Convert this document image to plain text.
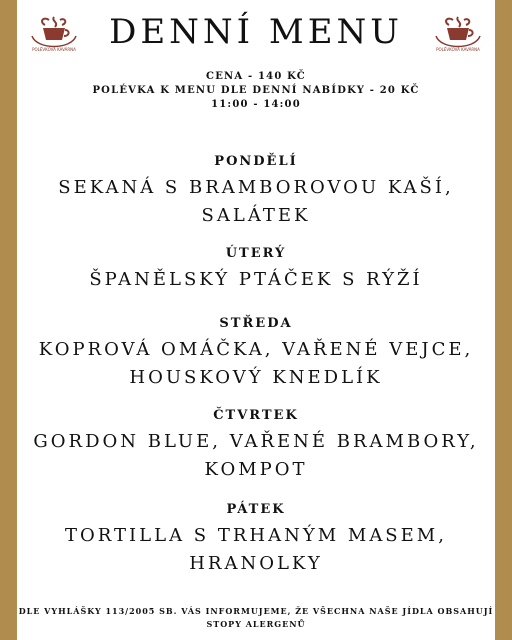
POLÉVKOVÁ KAVÁRNA DENNÍ MENU	POLÉVKOVÁ KAVÁRNA
CENA - 140 KČ
POLÉVKA K MENU DLE DENNÍ NABÍDKY - 20 KČ
11:00 - 14:00
PONDĚLÍ
SEKANÁ S BRAMBOROVOU KAŠÍ,
SALÁTEK
ÚTERÝ
ŠPANĚLSKÝ PTÁČEK S RÝŽÍ
STŘEDA
KOPROVÁ OMÁČKA, VAŘENÉ VEJCE,
HOUSKOVÝ KNEDLÍK
ČTVRTEK
GORDON BLUE, VAŘENÉ BRAMBORY,
KOMPOT
PÁTEK
TORTILLA S TRHANÝM MASEM,
HRANOLKY
DLE VYHLÁŠKY 113/2005 SB. VÁS INFORMUJEME, ŽE VŠECHNA NAŠE JÍDLA OBSAHUJÍ
STOPY ALERGENŮ
